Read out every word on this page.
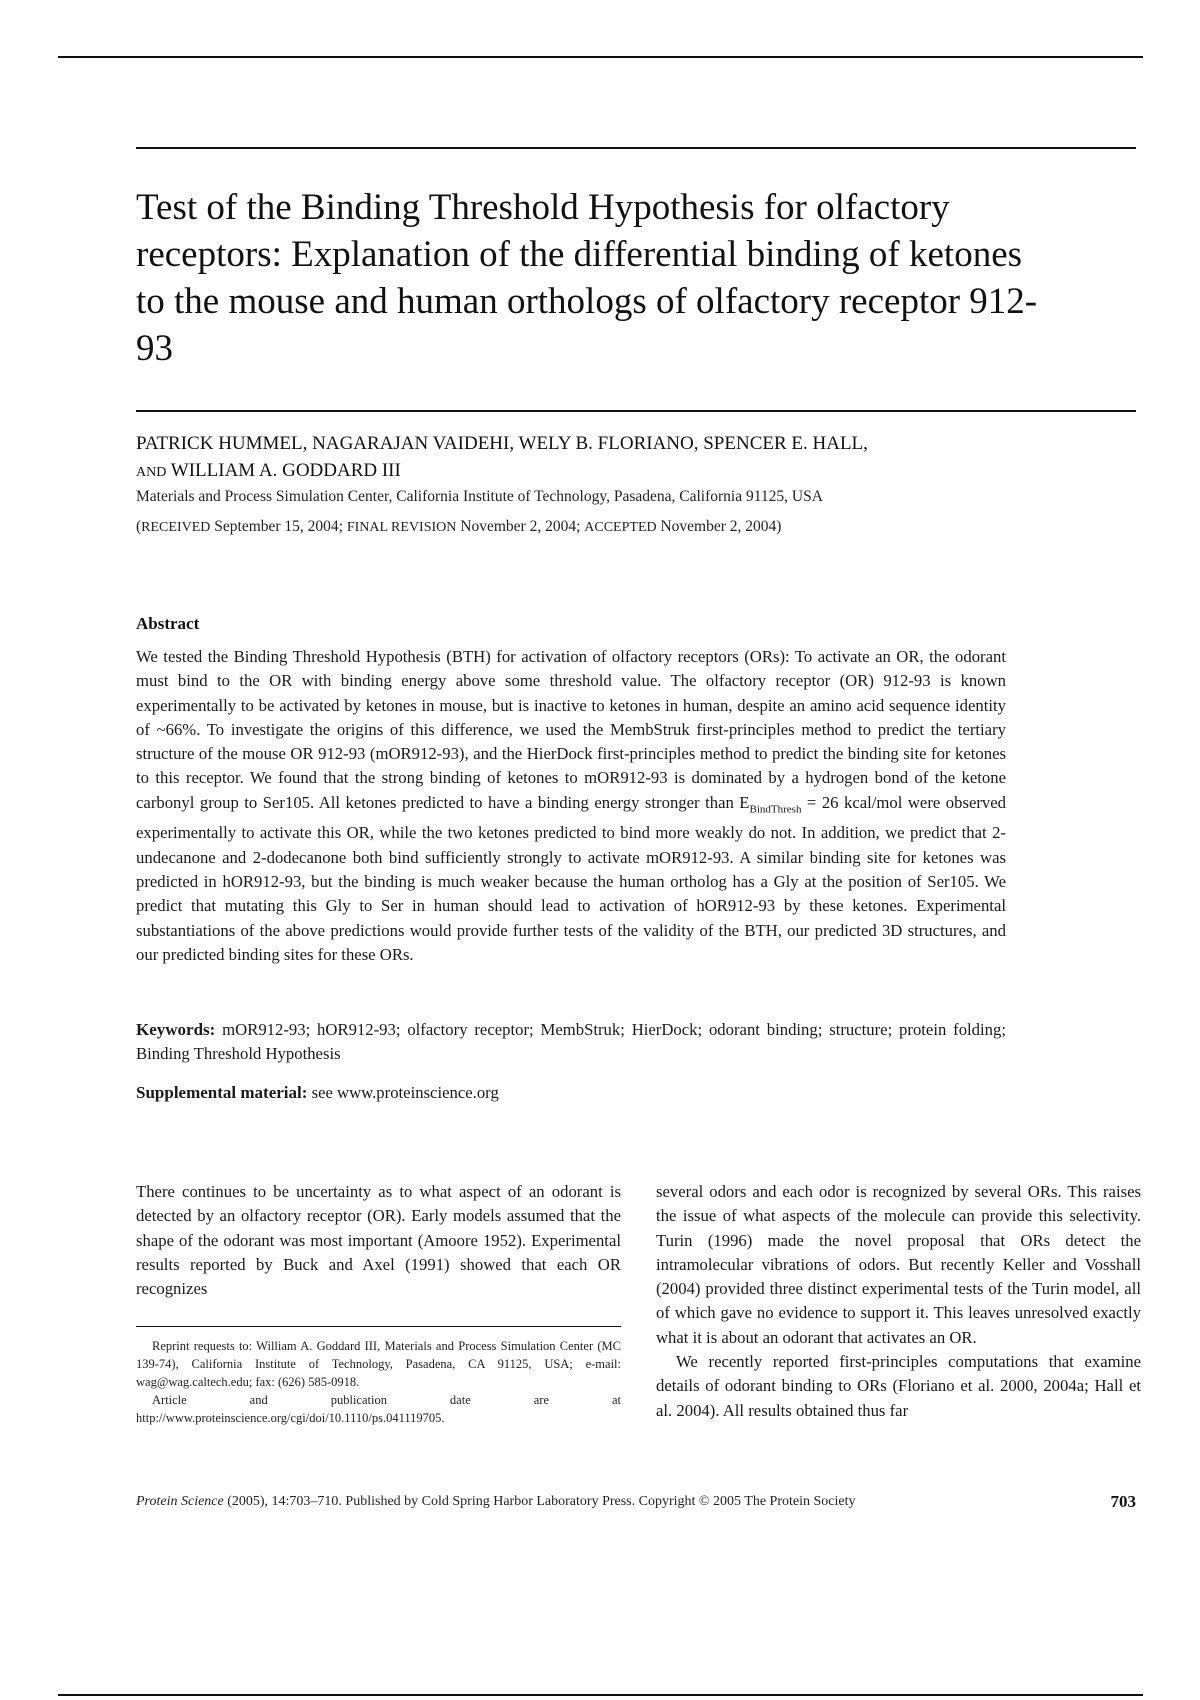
Test of the Binding Threshold Hypothesis for olfactory receptors: Explanation of the differential binding of ketones to the mouse and human orthologs of olfactory receptor 912-93
PATRICK HUMMEL, NAGARAJAN VAIDEHI, WELY B. FLORIANO, SPENCER E. HALL,
AND WILLIAM A. GODDARD III
Materials and Process Simulation Center, California Institute of Technology, Pasadena, California 91125, USA
(RECEIVED September 15, 2004; FINAL REVISION November 2, 2004; ACCEPTED November 2, 2004)
Abstract

We tested the Binding Threshold Hypothesis (BTH) for activation of olfactory receptors (ORs): To activate an OR, the odorant must bind to the OR with binding energy above some threshold value. The olfactory receptor (OR) 912-93 is known experimentally to be activated by ketones in mouse, but is inactive to ketones in human, despite an amino acid sequence identity of ~66%. To investigate the origins of this difference, we used the MembStruk first-principles method to predict the tertiary structure of the mouse OR 912-93 (mOR912-93), and the HierDock first-principles method to predict the binding site for ketones to this receptor. We found that the strong binding of ketones to mOR912-93 is dominated by a hydrogen bond of the ketone carbonyl group to Ser105. All ketones predicted to have a binding energy stronger than $E_{BindThresh} = 26$ kcal/mol were observed experimentally to activate this OR, while the two ketones predicted to bind more weakly do not. In addition, we predict that 2-undecanone and 2-dodecanone both bind sufficiently strongly to activate mOR912-93. A similar binding site for ketones was predicted in hOR912-93, but the binding is much weaker because the human ortholog has a Gly at the position of Ser105. We predict that mutating this Gly to Ser in human should lead to activation of hOR912-93 by these ketones. Experimental substantiations of the above predictions would provide further tests of the validity of the BTH, our predicted 3D structures, and our predicted binding sites for these ORs.

Keywords: mOR912-93; hOR912-93; olfactory receptor; MembStruk; HierDock; odorant binding; structure; protein folding; Binding Threshold Hypothesis

Supplemental material: see www.proteinscience.org

There continues to be uncertainty as to what aspect of an odorant is detected by an olfactory receptor (OR). Early models assumed that the shape of the odorant was most important (Amoore 1952). Experimental results reported by Buck and Axel (1991) showed that each OR recognizes

several odors and each odor is recognized by several ORs. This raises the issue of what aspects of the molecule can provide this selectivity. Turin (1996) made the novel proposal that ORs detect the intramolecular vibrations of odors. But recently Keller and Vosshall (2004) provided three distinct experimental tests of the Turin model, all of which gave no evidence to support it. This leaves unresolved exactly what it is about an odorant that activates an OR.

We recently reported first-principles computations that examine details of odorant binding to ORs (Floriano et al. 2000, 2004a; Hall et al. 2004). All results obtained thus far

Reprint requests to: William A. Goddard III, Materials and Process Simulation Center (MC 139-74), California Institute of Technology, Pasadena, CA 91125, USA; e-mail: wag@wag.caltech.edu; fax: (626) 585-0918.

Article and publication date are at http://www.proteinscience.org/cgi/doi/10.1110/ps.041119705.

Protein Science (2005), 14:703–710. Published by Cold Spring Harbor Laboratory Press. Copyright © 2005 The Protein Society	703
